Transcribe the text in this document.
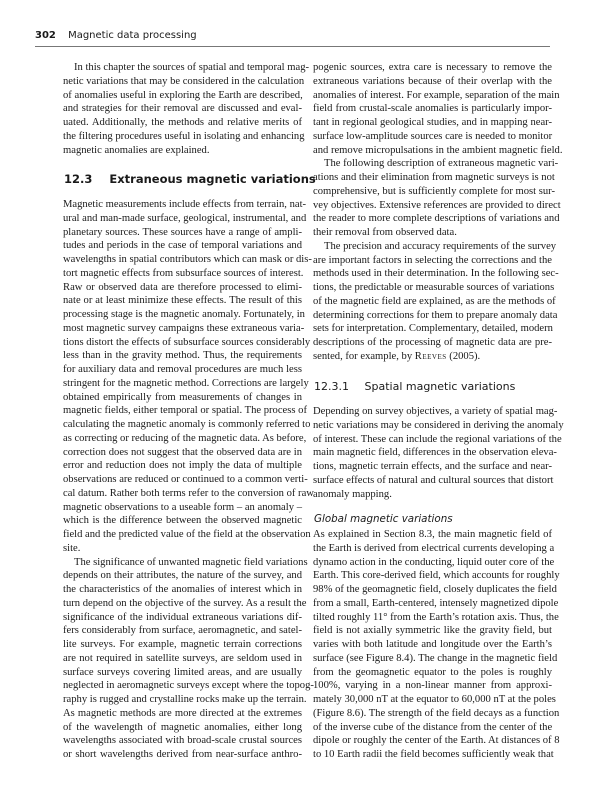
302 Magnetic data processing
In this chapter the sources of spatial and temporal mag-
netic variations that may be considered in the calculation
of anomalies useful in exploring the Earth are described,
and strategies for their removal are discussed and eval-
uated. Additionally, the methods and relative merits of
the filtering procedures useful in isolating and enhancing
magnetic anomalies are explained.
12.3 Extraneous magnetic variations
Magnetic measurements include effects from terrain, nat-
ural and man-made surface, geological, instrumental, and
planetary sources. These sources have a range of ampli-
tudes and periods in the case of temporal variations and
wavelengths in spatial contributors which can mask or dis-
tort magnetic effects from subsurface sources of interest.
Raw or observed data are therefore processed to elimi-
nate or at least minimize these effects. The result of this
processing stage is the magnetic anomaly. Fortunately, in
most magnetic survey campaigns these extraneous varia-
tions distort the effects of subsurface sources considerably
less than in the gravity method. Thus, the requirements
for auxiliary data and removal procedures are much less
stringent for the magnetic method. Corrections are largely
obtained empirically from measurements of changes in
magnetic fields, either temporal or spatial. The process of
calculating the magnetic anomaly is commonly referred to
as correcting or reducing of the magnetic data. As before,
correction does not suggest that the observed data are in
error and reduction does not imply the data of multiple
observations are reduced or continued to a common verti-
cal datum. Rather both terms refer to the conversion of raw
magnetic observations to a useable form – an anomaly –
which is the difference between the observed magnetic
field and the predicted value of the field at the observation
site.
The significance of unwanted magnetic field variations
depends on their attributes, the nature of the survey, and
the characteristics of the anomalies of interest which in
turn depend on the objective of the survey. As a result the
significance of the individual extraneous variations dif-
fers considerably from surface, aeromagnetic, and satel-
lite surveys. For example, magnetic terrain corrections
are not required in satellite surveys, are seldom used in
surface surveys covering limited areas, and are usually
neglected in aeromagnetic surveys except where the topog-
raphy is rugged and crystalline rocks make up the terrain.
As magnetic methods are more directed at the extremes
of the wavelength of magnetic anomalies, either long
wavelengths associated with broad-scale crustal sources
or short wavelengths derived from near-surface anthro-
pogenic sources, extra care is necessary to remove the
extraneous variations because of their overlap with the
anomalies of interest. For example, separation of the main
field from crustal-scale anomalies is particularly impor-
tant in regional geological studies, and in mapping near-
surface low-amplitude sources care is needed to monitor
and remove micropulsations in the ambient magnetic field.
The following description of extraneous magnetic vari-
ations and their elimination from magnetic surveys is not
comprehensive, but is sufficiently complete for most sur-
vey objectives. Extensive references are provided to direct
the reader to more complete descriptions of variations and
their removal from observed data.
The precision and accuracy requirements of the survey
are important factors in selecting the corrections and the
methods used in their determination. In the following sec-
tions, the predictable or measurable sources of variations
of the magnetic field are explained, as are the methods of
determining corrections for them to prepare anomaly data
sets for interpretation. Complementary, detailed, modern
descriptions of the processing of magnetic data are pre-
sented, for example, by Reeves (2005).
12.3.1 Spatial magnetic variations
Depending on survey objectives, a variety of spatial mag-
netic variations may be considered in deriving the anomaly
of interest. These can include the regional variations of the
main magnetic field, differences in the observation eleva-
tions, magnetic terrain effects, and the surface and near-
surface effects of natural and cultural sources that distort
anomaly mapping.
Global magnetic variations
As explained in Section 8.3, the main magnetic field of
the Earth is derived from electrical currents developing a
dynamo action in the conducting, liquid outer core of the
Earth. This core-derived field, which accounts for roughly
98% of the geomagnetic field, closely duplicates the field
from a small, Earth-centered, intensely magnetized dipole
tilted roughly 11° from the Earth’s rotation axis. Thus, the
field is not axially symmetric like the gravity field, but
varies with both latitude and longitude over the Earth’s
surface (see Figure 8.4). The change in the magnetic field
from the geomagnetic equator to the poles is roughly
100%, varying in a non-linear manner from approxi-
mately 30,000 nT at the equator to 60,000 nT at the poles
(Figure 8.6). The strength of the field decays as a function
of the inverse cube of the distance from the center of the
dipole or roughly the center of the Earth. At distances of 8
to 10 Earth radii the field becomes sufficiently weak that
